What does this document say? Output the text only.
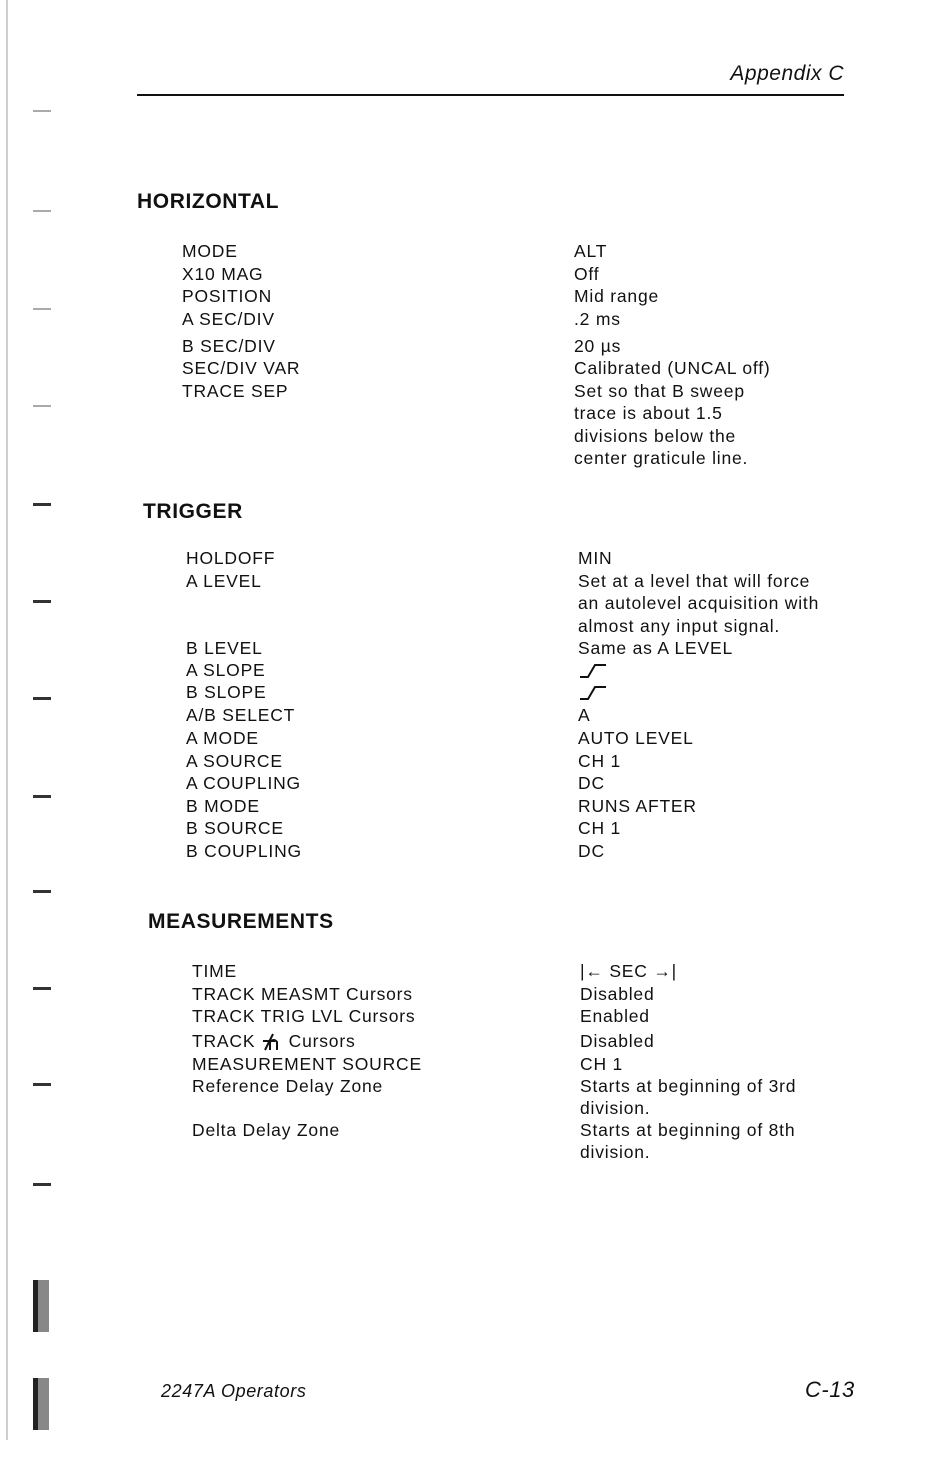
Appendix C
HORIZONTAL
MODE	ALT
X10 MAG	Off
POSITION	Mid range
A SEC/DIV	.2 ms
B SEC/DIV	20 µs
SEC/DIV VAR	Calibrated (UNCAL off)
TRACE SEP	Set so that B sweep
trace is about 1.5
divisions below the
center graticule line.
TRIGGER
HOLDOFF	MIN
A LEVEL	Set at a level that will force
an autolevel acquisition with
almost any input signal.
B LEVEL	Same as A LEVEL
A SLOPE
B SLOPE
A/B SELECT	A
A MODE	AUTO LEVEL
A SOURCE	CH 1
A COUPLING	DC
B MODE	RUNS AFTER
B SOURCE	CH 1
B COUPLING	DC
MEASUREMENTS
TIME	|← SEC →|
TRACK MEASMT Cursors	Disabled
TRACK TRIG LVL Cursors	Enabled
TRACK Cursors	Disabled
MEASUREMENT SOURCE	CH 1
Reference Delay Zone	Starts at beginning of 3rd
division.
Delta Delay Zone	Starts at beginning of 8th
division.
2247A Operators	C-13
